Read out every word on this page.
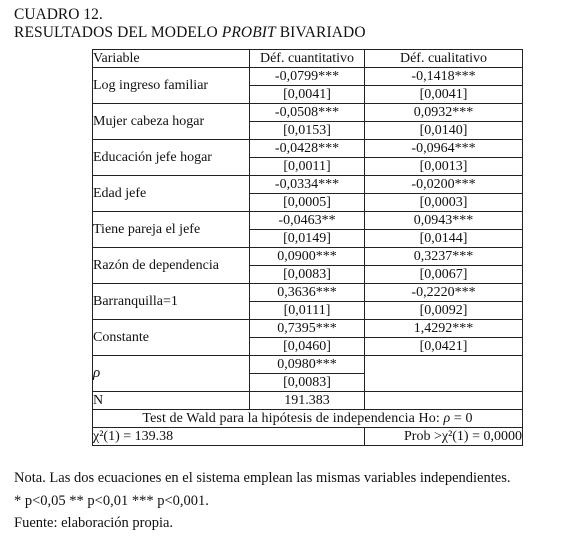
CUADRO 12.
RESULTADOS DEL MODELO PROBIT BIVARIADO
Variable	Déf. cuantitativo	Déf. cualitativo
Log ingreso familiar	-0,0799***	-0,1418***
	[0,0041]	[0,0041]
Mujer cabeza hogar	-0,0508***	0,0932***
	[0,0153]	[0,0140]
Educación jefe hogar	-0,0428***	-0,0964***
	[0,0011]	[0,0013]
Edad jefe	-0,0334***	-0,0200***
	[0,0005]	[0,0003]
Tiene pareja el jefe	-0,0463**	0,0943***
	[0,0149]	[0,0144]
Razón de dependencia	0,0900***	0,3237***
	[0,0083]	[0,0067]
Barranquilla=1	0,3636***	-0,2220***
	[0,0111]	[0,0092]
Constante	0,7395***	1,4292***
	[0,0460]	[0,0421]
ρ	0,0980***	
	[0,0083]	
N	191.383	
Test de Wald para la hipótesis de independencia Ho: ρ = 0		
χ²(1) = 139.38		Prob >χ²(1) = 0,0000
Nota. Las dos ecuaciones en el sistema emplean las mismas variables independientes.
* p<0,05 ** p<0,01 *** p<0,001.
Fuente: elaboración propia.
